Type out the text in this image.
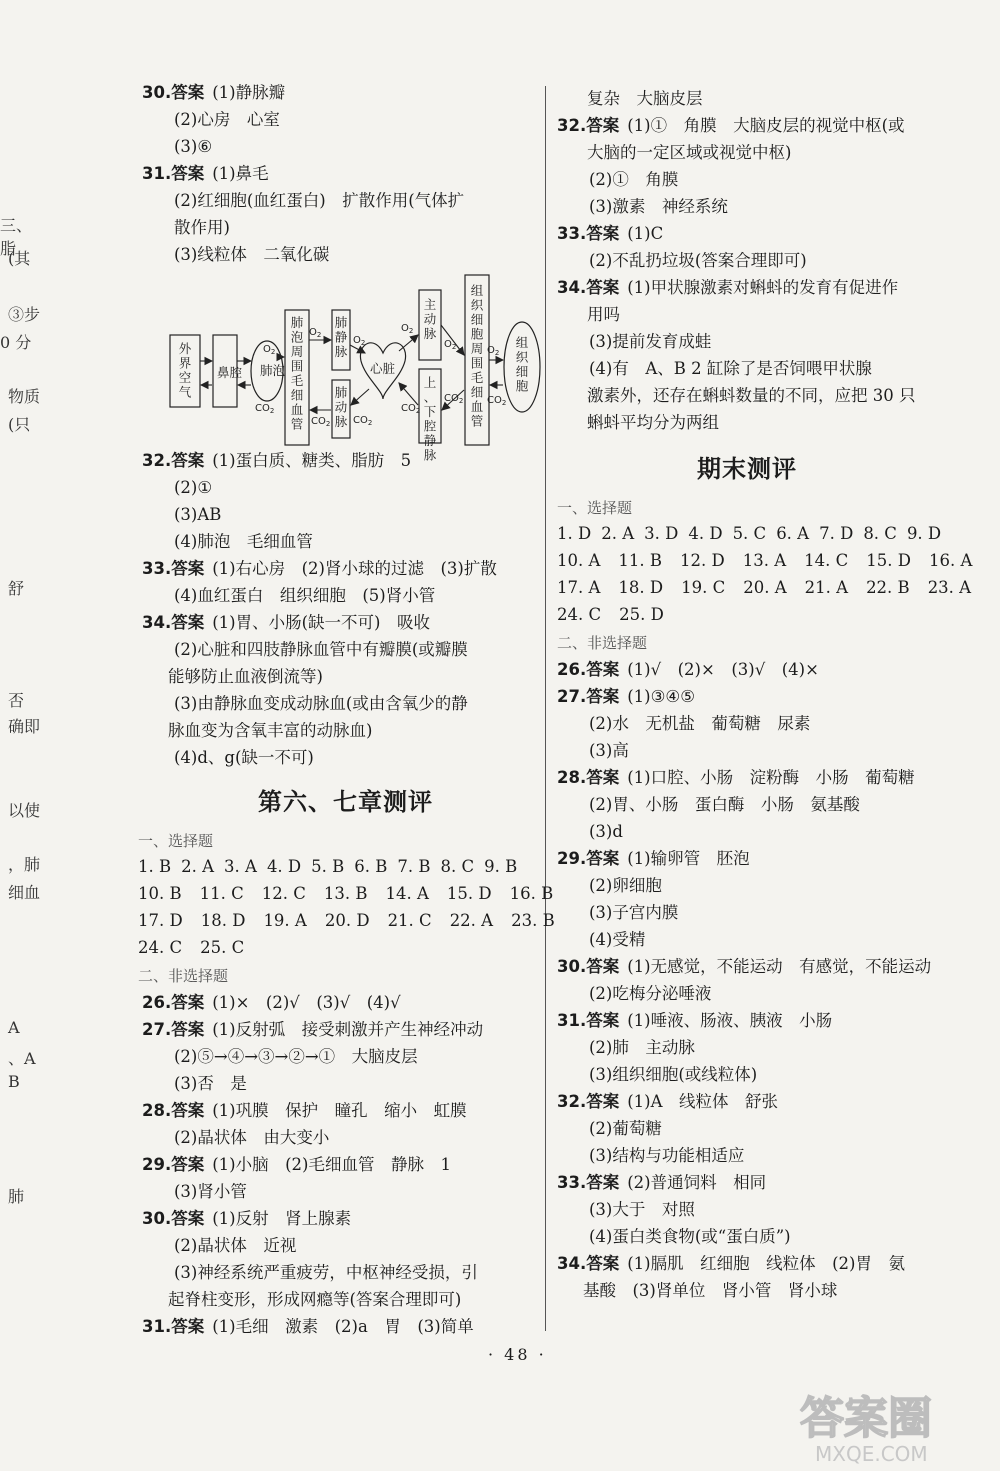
三、脂
(其
③步
0 分
物质
(只
舒
否
确即
以使
，肺
细血
A
、A
B
肺
30.答案 (1)静脉瓣
(2)心房　心室
(3)⑥
31.答案 (1)鼻毛
(2)红细胞(血红蛋白)　扩散作用(气体扩
散作用)
(3)线粒体　二氧化碳
$O_2$
$CO_2$
$O_2$
$CO_2$
$O_2$
$CO_2$
$O_2$
$CO_2$
$O_2$
$CO_2$
$O_2$
$CO_2$
外界空气
鼻腔 肺泡
肺泡周围毛细血管
肺静脉
心脏
主动脉
肺动脉
上、下腔静脉
组织细胞周围毛细血管
组织细胞
32.答案 (1)蛋白质、糖类、脂肪　5
(2)①
(3)AB
(4)肺泡　毛细血管
33.答案 (1)右心房　(2)肾小球的过滤　(3)扩散
(4)血红蛋白　组织细胞　(5)肾小管
34.答案 (1)胃、小肠(缺一不可)　吸收
(2)心脏和四肢静脉血管中有瓣膜(或瓣膜
能够防止血液倒流等)
(3)由静脉血变成动脉血(或由含氧少的静
脉血变为含氧丰富的动脉血)
(4)d、g(缺一不可)
第六、七章测评
一、选择题
1. B 2. A 3. A 4. D 5. B 6. B 7. B 8. C 9. B
10. B 11. C 12. C 13. B 14. A 15. D 16. B
17. D 18. D 19. A 20. D 21. C 22. A 23. B
24. C 25. C
二、非选择题
26.答案 (1)×　(2)√　(3)√　(4)√
27.答案 (1)反射弧　接受刺激并产生神经冲动
(2)⑤→④→③→②→①　大脑皮层
(3)否　是
28.答案 (1)巩膜　保护　瞳孔　缩小　虹膜
(2)晶状体　由大变小
29.答案 (1)小脑　(2)毛细血管　静脉　1
(3)肾小管
30.答案 (1)反射　肾上腺素
(2)晶状体　近视
(3)神经系统严重疲劳，中枢神经受损，引
起脊柱变形，形成网瘾等(答案合理即可)
31.答案 (1)毛细　激素　(2)a　胃　(3)简单
复杂　大脑皮层
32.答案 (1)①　角膜　大脑皮层的视觉中枢(或
大脑的一定区域或视觉中枢)
(2)①　角膜
(3)激素　神经系统
33.答案 (1)C
(2)不乱扔垃圾(答案合理即可)
34.答案 (1)甲状腺激素对蝌蚪的发育有促进作
用吗
(3)提前发育成蛙
(4)有　A、B 2 缸除了是否饲喂甲状腺
激素外，还存在蝌蚪数量的不同，应把 30 只
蝌蚪平均分为两组
期末测评
一、选择题
1. D 2. A 3. D 4. D 5. C 6. A 7. D 8. C 9. D
10. A 11. B 12. D 13. A 14. C 15. D 16. A
17. A 18. D 19. C 20. A 21. A 22. B 23. A
24. C 25. D
二、非选择题
26.答案 (1)√　(2)×　(3)√　(4)×
27.答案 (1)③④⑤
(2)水　无机盐　葡萄糖　尿素
(3)高
28.答案 (1)口腔、小肠　淀粉酶　小肠　葡萄糖
(2)胃、小肠　蛋白酶　小肠　氨基酸
(3)d
29.答案 (1)输卵管　胚泡
(2)卵细胞
(3)子宫内膜
(4)受精
30.答案 (1)无感觉，不能运动　有感觉，不能运动
(2)吃梅分泌唾液
31.答案 (1)唾液、肠液、胰液　小肠
(2)肺　主动脉
(3)组织细胞(或线粒体)
32.答案 (1)A　线粒体　舒张
(2)葡萄糖
(3)结构与功能相适应
33.答案 (2)普通饲料　相同
(3)大于　对照
(4)蛋白类食物(或“蛋白质”)
34.答案 (1)膈肌　红细胞　线粒体　(2)胃　氨
基酸　(3)肾单位　肾小管　肾小球
· 48 ·
答案圈
MXQE.COM
